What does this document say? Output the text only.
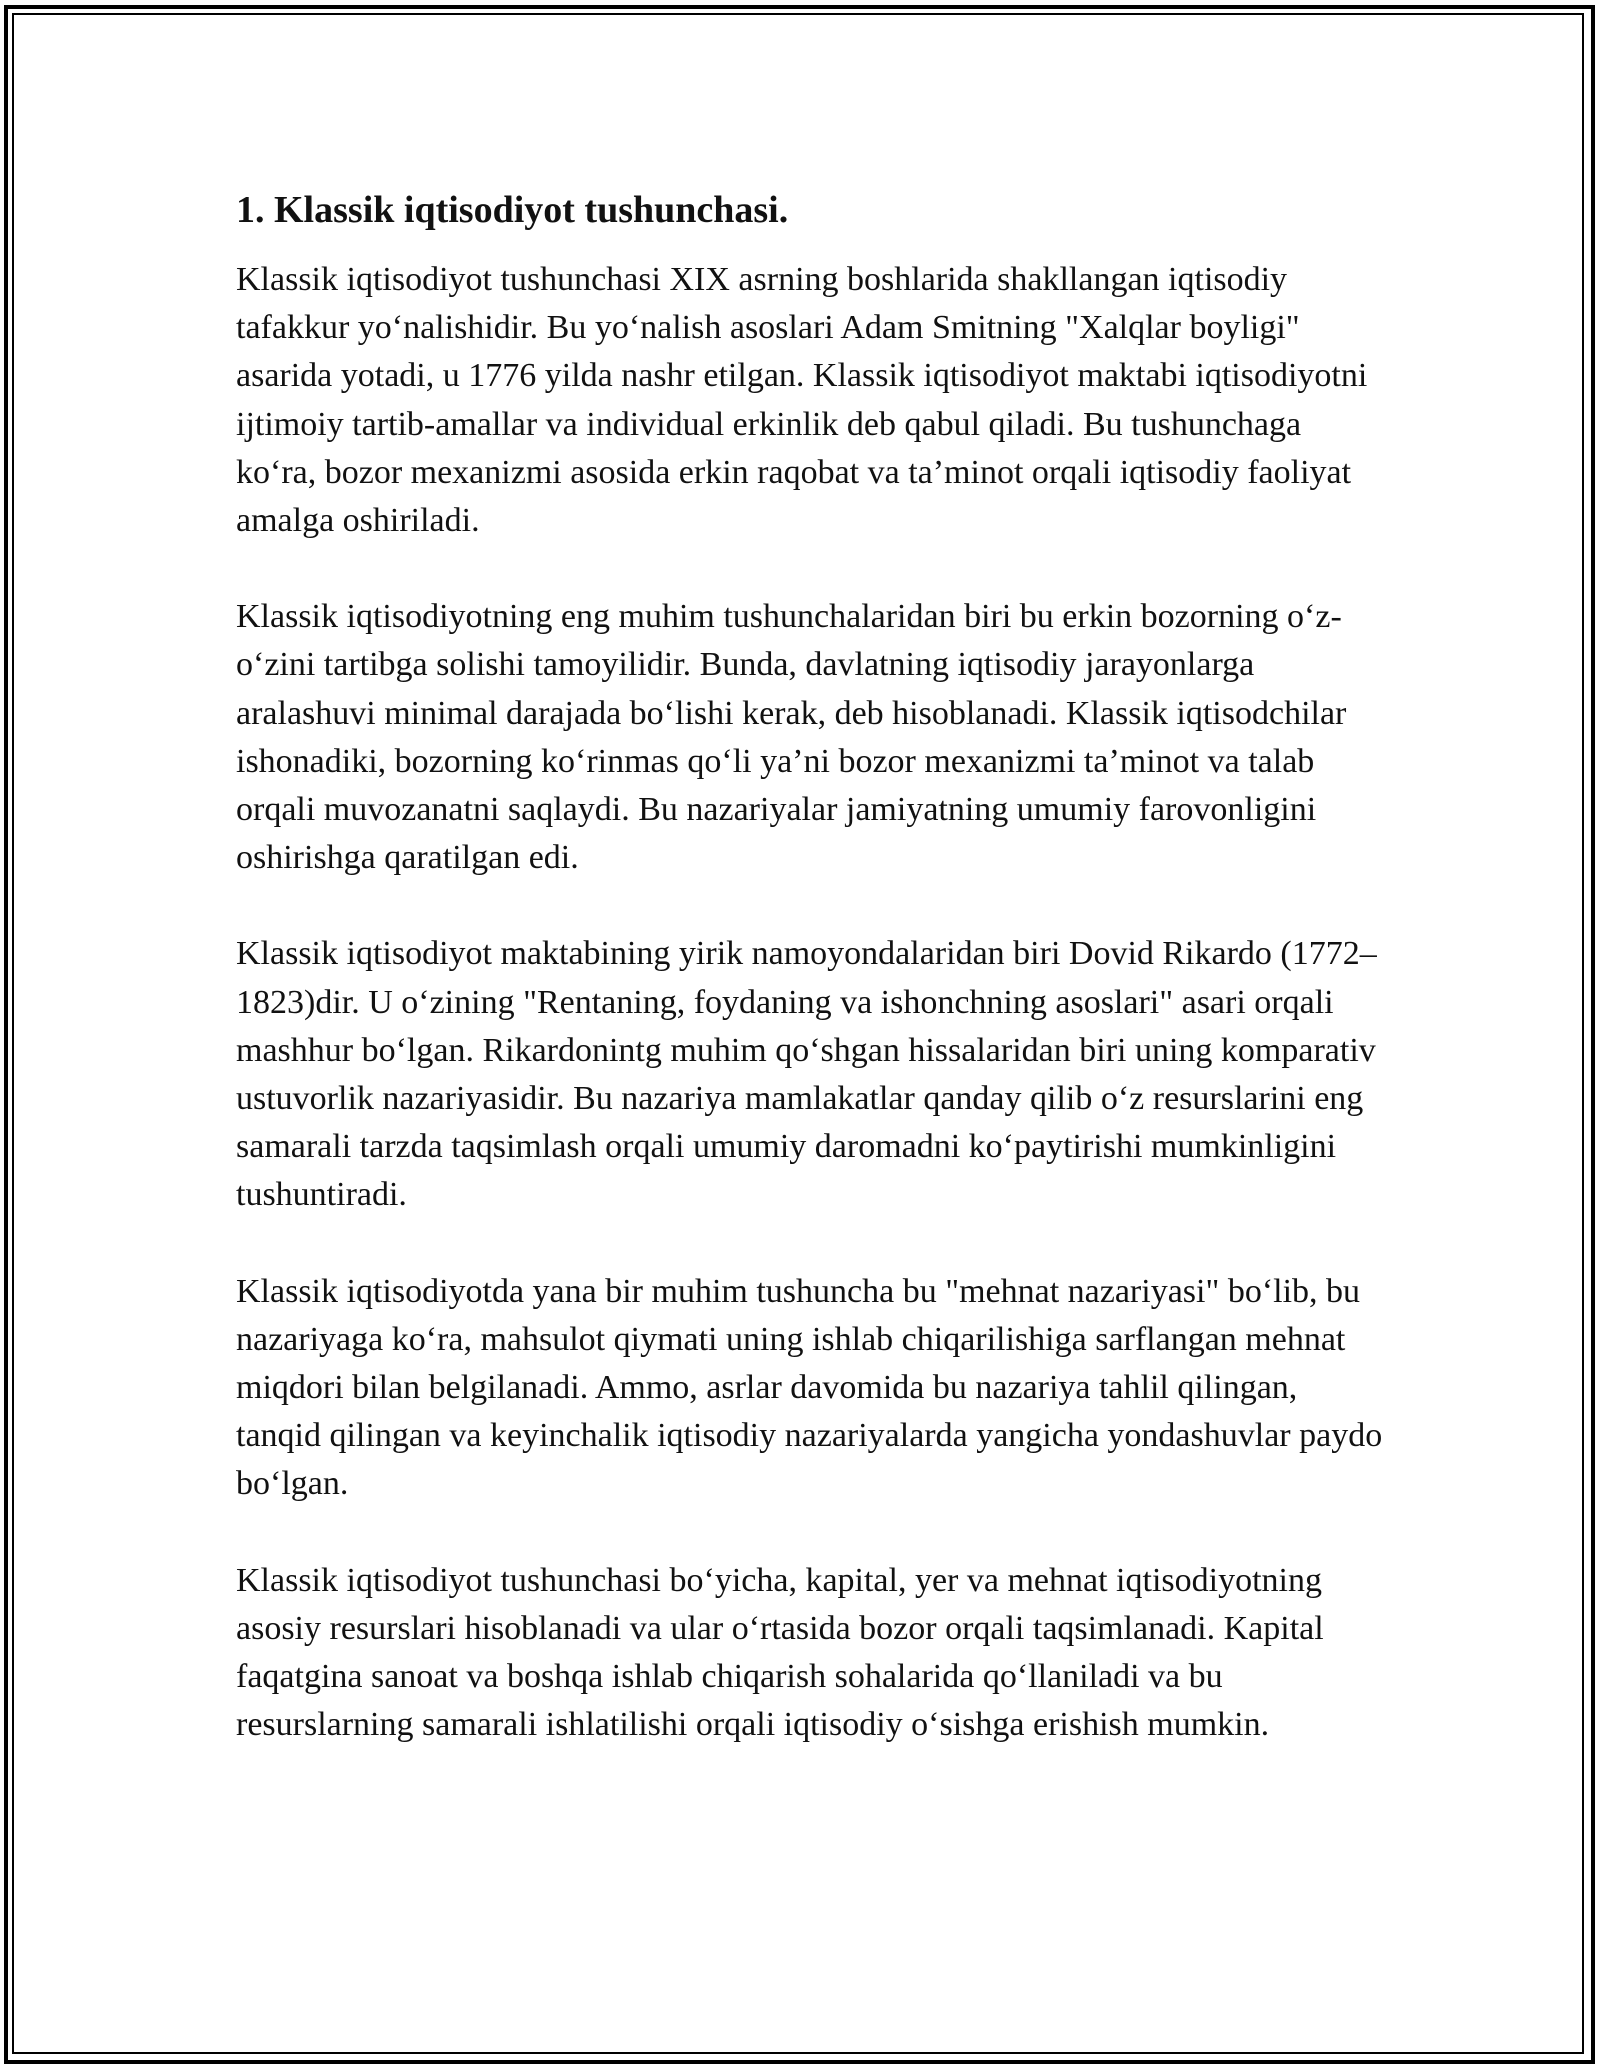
1. Klassik iqtisodiyot tushunchasi.

Klassik iqtisodiyot tushunchasi XIX asrning boshlarida shakllangan iqtisodiy tafakkur yo‘nalishidir. Bu yo‘nalish asoslari Adam Smitning "Xalqlar boyligi" asarida yotadi, u 1776 yilda nashr etilgan. Klassik iqtisodiyot maktabi iqtisodiyotni ijtimoiy tartib-amallar va individual erkinlik deb qabul qiladi. Bu tushunchaga ko‘ra, bozor mexanizmi asosida erkin raqobat va ta’minot orqali iqtisodiy faoliyat amalga oshiriladi.

Klassik iqtisodiyotning eng muhim tushunchalaridan biri bu erkin bozorning o‘z-o‘zini tartibga solishi tamoyilidir. Bunda, davlatning iqtisodiy jarayonlarga aralashuvi minimal darajada bo‘lishi kerak, deb hisoblanadi. Klassik iqtisodchilar ishonadiki, bozorning ko‘rinmas qo‘li ya’ni bozor mexanizmi ta’minot va talab orqali muvozanatni saqlaydi. Bu nazariyalar jamiyatning umumiy farovonligini oshirishga qaratilgan edi.

Klassik iqtisodiyot maktabining yirik namoyondalaridan biri Dovid Rikardo (1772–1823)dir. U o‘zining "Rentaning, foydaning va ishonchning asoslari" asari orqali mashhur bo‘lgan. Rikardonintg muhim qo‘shgan hissalaridan biri uning komparativ ustuvorlik nazariyasidir. Bu nazariya mamlakatlar qanday qilib o‘z resurslarini eng samarali tarzda taqsimlash orqali umumiy daromadni ko‘paytirishi mumkinligini tushuntiradi.

Klassik iqtisodiyotda yana bir muhim tushuncha bu "mehnat nazariyasi" bo‘lib, bu nazariyaga ko‘ra, mahsulot qiymati uning ishlab chiqarilishiga sarflangan mehnat miqdori bilan belgilanadi. Ammo, asrlar davomida bu nazariya tahlil qilingan, tanqid qilingan va keyinchalik iqtisodiy nazariyalarda yangicha yondashuvlar paydo bo‘lgan.

Klassik iqtisodiyot tushunchasi bo‘yicha, kapital, yer va mehnat iqtisodiyotning asosiy resurslari hisoblanadi va ular o‘rtasida bozor orqali taqsimlanadi. Kapital faqatgina sanoat va boshqa ishlab chiqarish sohalarida qo‘llaniladi va bu resurslarning samarali ishlatilishi orqali iqtisodiy o‘sishga erishish mumkin.
